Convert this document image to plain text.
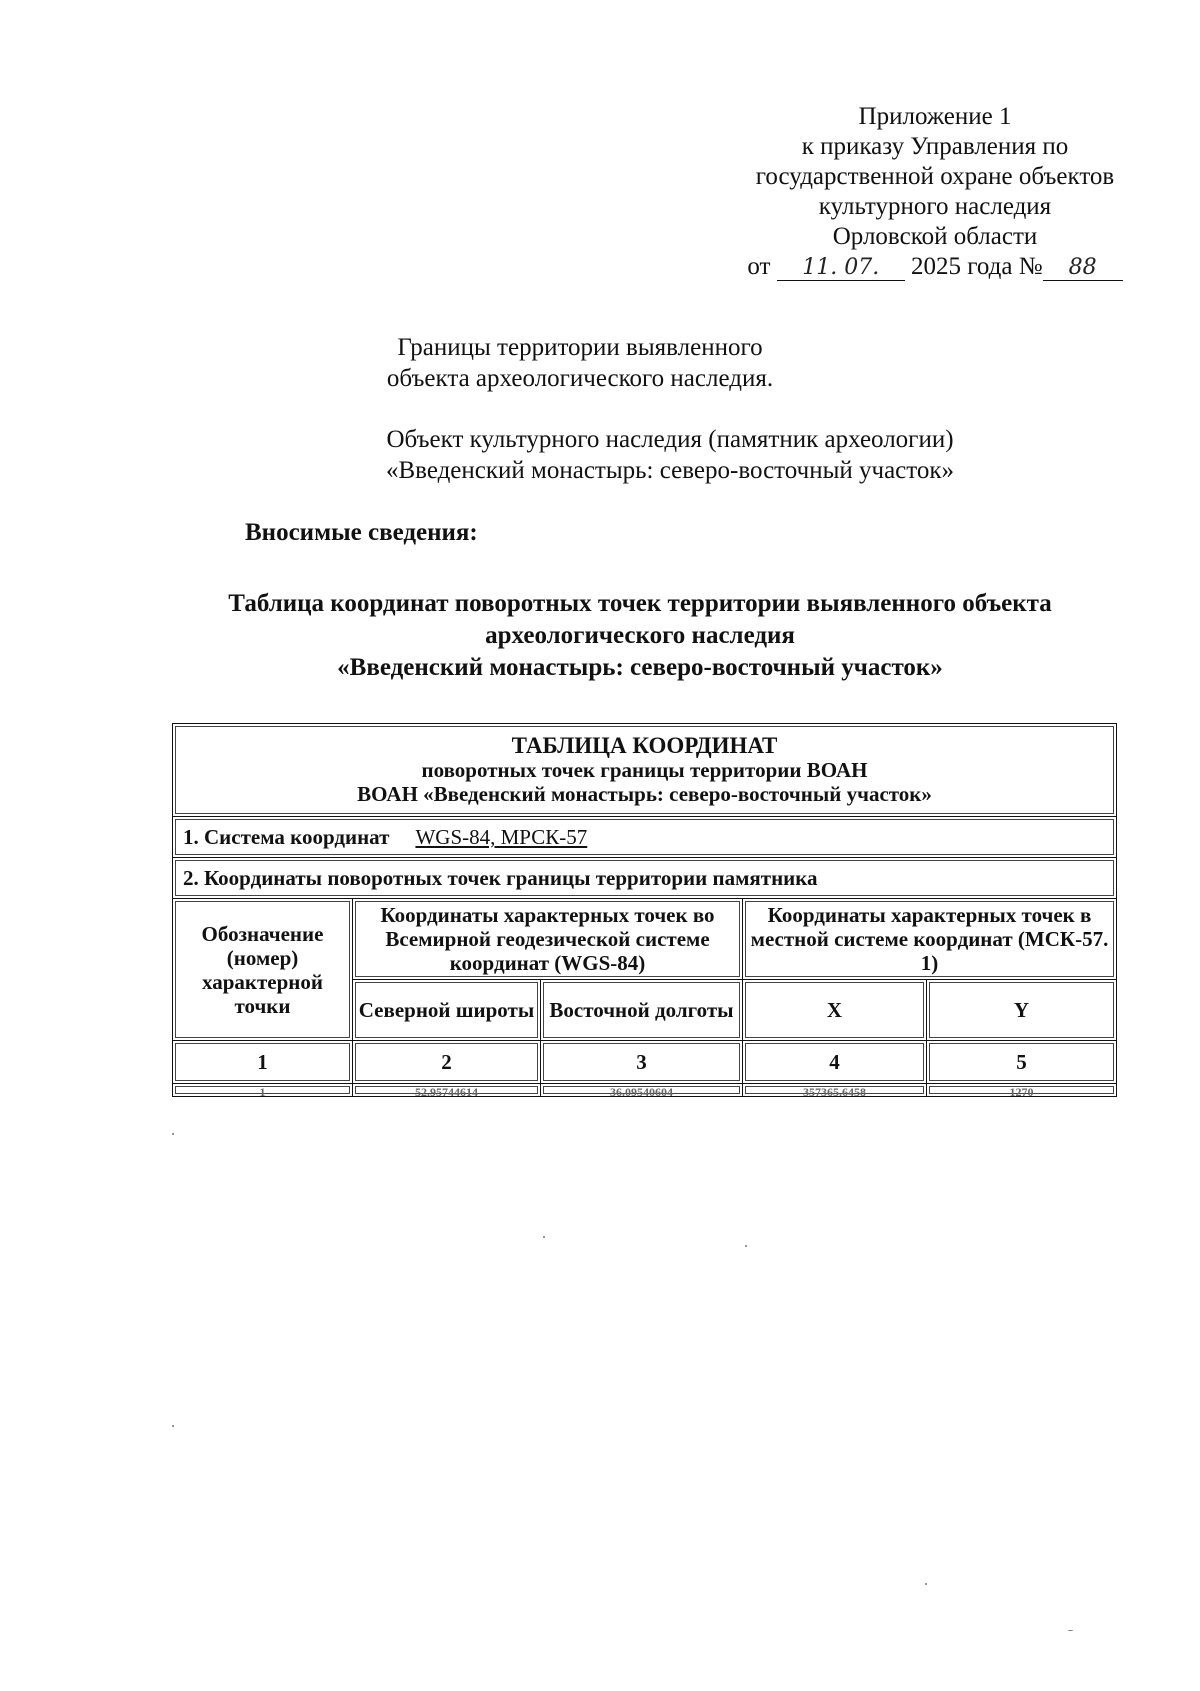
Приложение 1
к приказу Управления по
государственной охране объектов
культурного наследия
Орловской области
от 11. 07. 2025 года № 88
Границы территории выявленного
объекта археологического наследия.
Объект культурного наследия (памятник археологии)
«Введенский монастырь: северо-восточный участок»
Вносимые сведения:
Таблица координат поворотных точек территории выявленного объекта
археологического наследия
«Введенский монастырь: северо-восточный участок»
ТАБЛИЦА КООРДИНАТ
поворотных точек границы территории ВОАН
ВОАН «Введенский монастырь: северо-восточный участок»				

1. Система координат WGS-84, МРСК-57				
2. Координаты поворотных точек границы территории памятника				
Обозначение (номер) характерной точки	Координаты характерных точек во Всемирной геодезической системе координат (WGS-84)		Координаты характерных точек в местной системе координат (МСК-57. 1)	
	Северной широты	Восточной долготы	X	Y
1	2	3	4	5

1	52.95744614	36.09540604	357365.6458	1270
